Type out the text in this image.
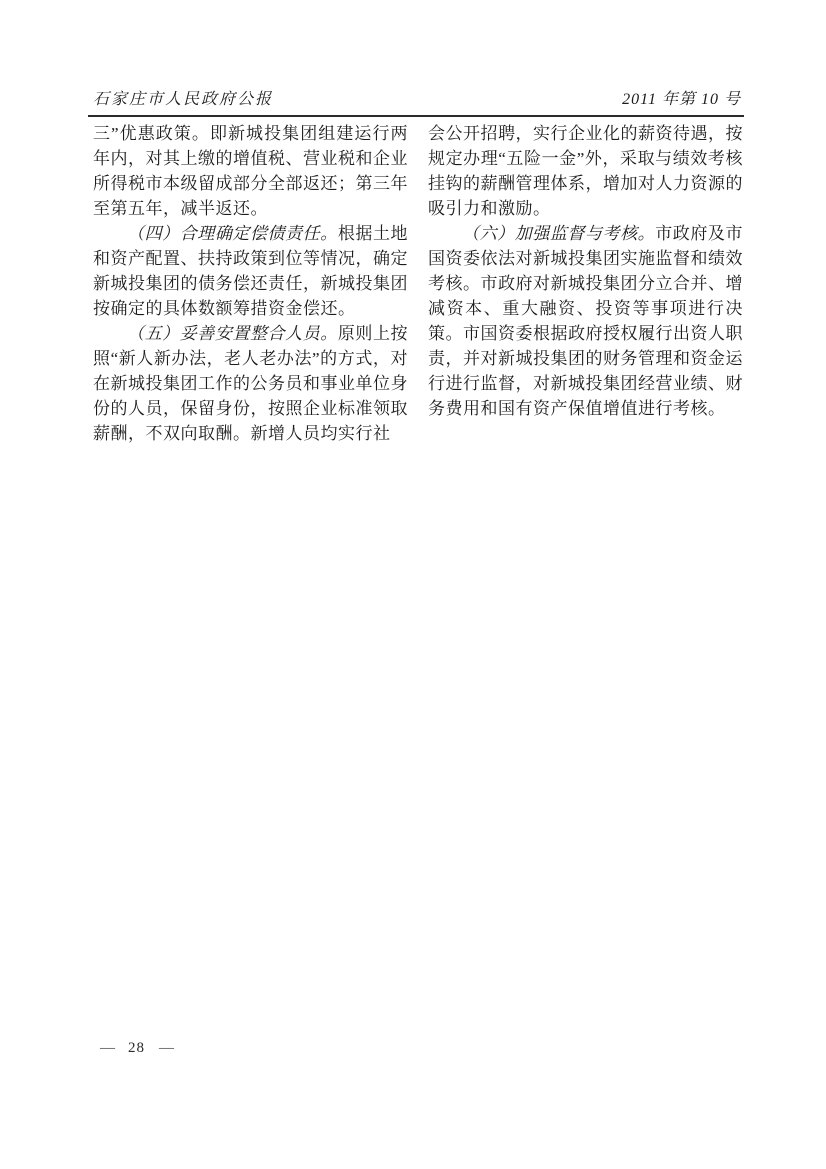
石家庄市人民政府公报	2011 年第 10 号

三”优惠政策。即新城投集团组建运行两年内，对其上缴的增值税、营业税和企业所得税市本级留成部分全部返还；第三年至第五年，减半返还。

（四）合理确定偿债责任。根据土地和资产配置、扶持政策到位等情况，确定新城投集团的债务偿还责任，新城投集团按确定的具体数额筹措资金偿还。

（五）妥善安置整合人员。原则上按照“新人新办法，老人老办法”的方式，对在新城投集团工作的公务员和事业单位身份的人员，保留身份，按照企业标准领取薪酬，不双向取酬。新增人员均实行社

会公开招聘，实行企业化的薪资待遇，按规定办理“五险一金”外，采取与绩效考核挂钩的薪酬管理体系，增加对人力资源的吸引力和激励。

（六）加强监督与考核。市政府及市国资委依法对新城投集团实施监督和绩效考核。市政府对新城投集团分立合并、增减资本、重大融资、投资等事项进行决策。市国资委根据政府授权履行出资人职责，并对新城投集团的财务管理和资金运行进行监督，对新城投集团经营业绩、财务费用和国有资产保值增值进行考核。

— 28 —
